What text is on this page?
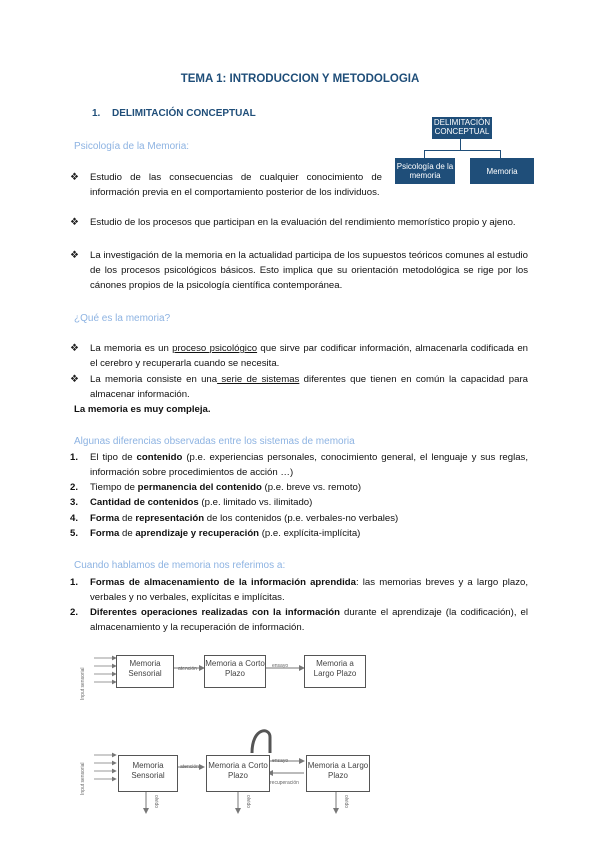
TEMA 1: INTRODUCCION Y METODOLOGIA
1. DELIMITACIÓN CONCEPTUAL
DELIMITACIÓN CONCEPTUAL
Psicología de la memoria	Memoria
Psicología de la Memoria:
❖ Estudio de las consecuencias de cualquier conocimiento de información previa en el comportamiento posterior de los individuos.
❖ Estudio de los procesos que participan en la evaluación del rendimiento memorístico propio y ajeno.
❖ La investigación de la memoria en la actualidad participa de los supuestos teóricos comunes al estudio de los procesos psicológicos básicos. Esto implica que su orientación metodológica se rige por los cánones propios de la psicología científica contemporánea.
¿Qué es la memoria?
❖ La memoria es un proceso psicológico que sirve par codificar información, almacenarla codificada en el cerebro y recuperarla cuando se necesita.
❖ La memoria consiste en una serie de sistemas diferentes que tienen en común la capacidad para almacenar información.
La memoria es muy compleja.
Algunas diferencias observadas entre los sistemas de memoria
1. El tipo de contenido (p.e. experiencias personales, conocimiento general, el lenguaje y sus reglas, información sobre procedimientos de acción …)
2. Tiempo de permanencia del contenido (p.e. breve vs. remoto)
3. Cantidad de contenidos (p.e. limitado vs. ilimitado)
4. Forma de representación de los contenidos (p.e. verbales-no verbales)
5. Forma de aprendizaje y recuperación (p.e. explícita-implícita)
Cuando hablamos de memoria nos referimos a:
1. Formas de almacenamiento de la información aprendida: las memorias breves y a largo plazo, verbales y no verbales, explícitas e implícitas.
2. Diferentes operaciones realizadas con la información durante el aprendizaje (la codificación), el almacenamiento y la recuperación de información.
Input sensorial
Memoria Sensorial
Memoria a Corto Plazo
Memoria a Largo Plazo
atención	ensayo
Input sensorial	Memoria Sensorial
Memoria a Corto Plazo
Memoria a Largo Plazo
atención
ensayo
recuperación
olvido	olvido	olvido
